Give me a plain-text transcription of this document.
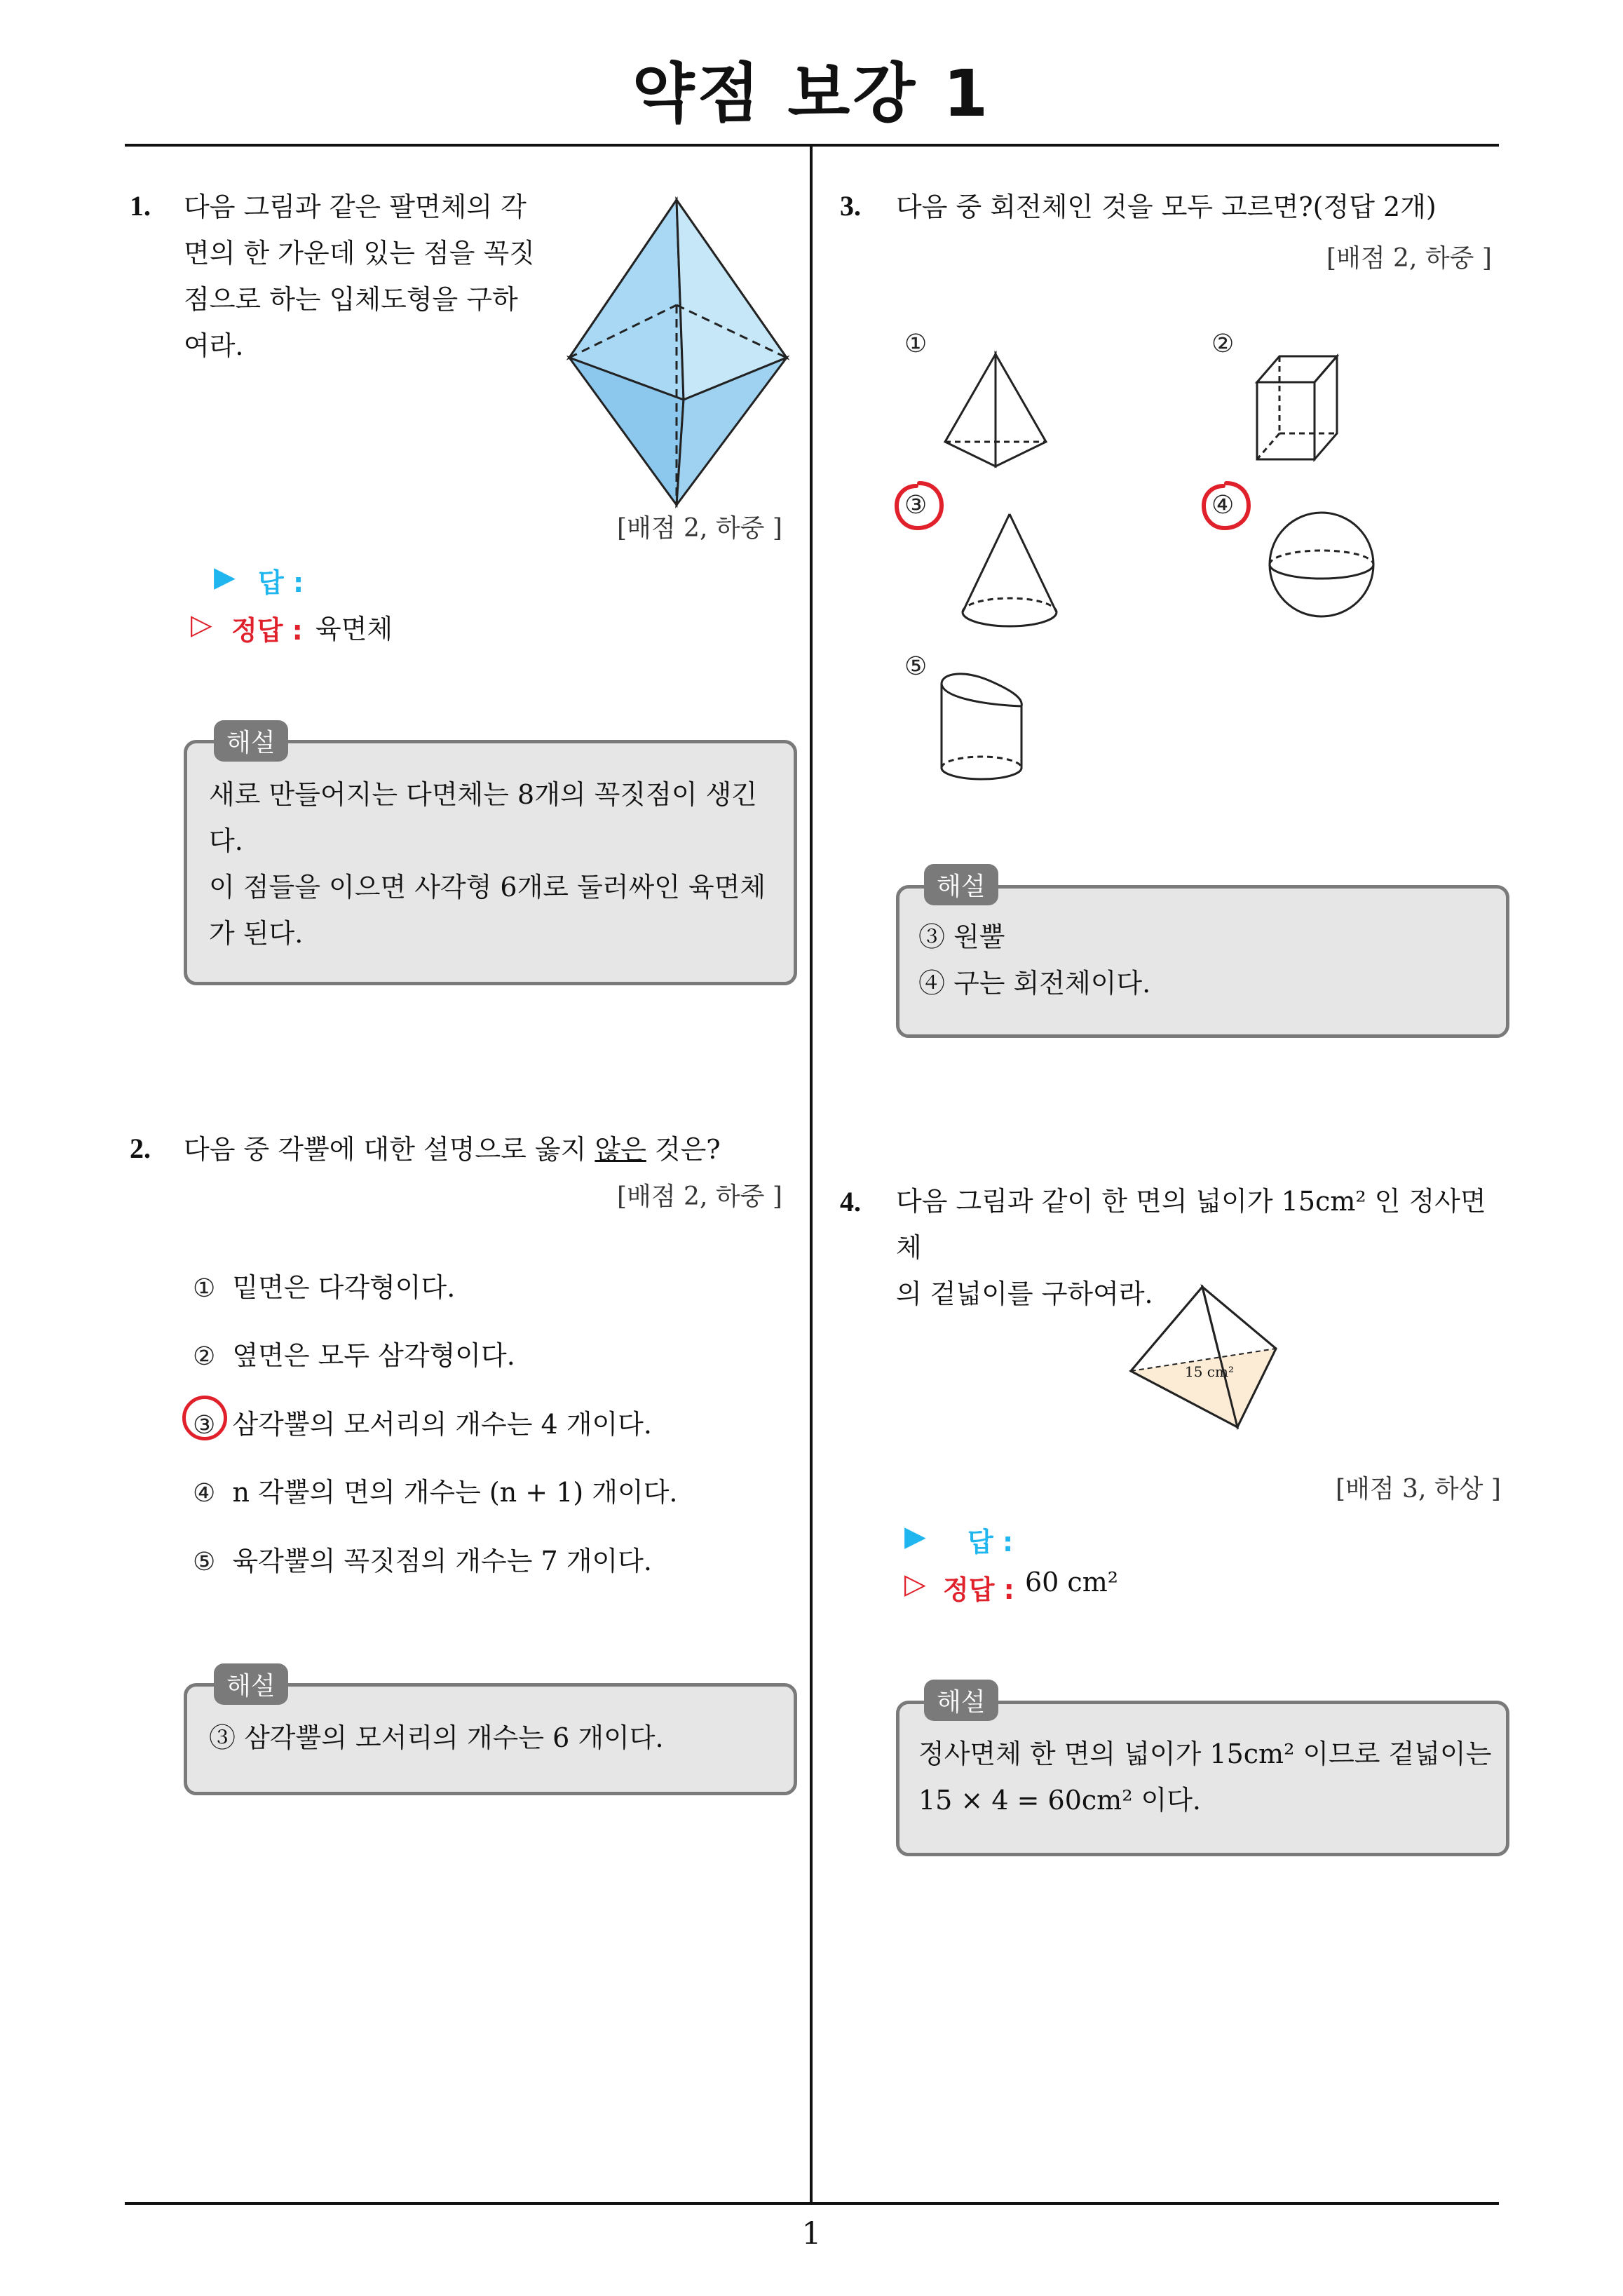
약점 보강 1
1
1. 다음 그림과 같은 팔면체의 각
면의 한 가운데 있는 점을 꼭짓
점으로 하는 입체도형을 구하
여라.
[배점 2, 하중 ]
▶ 답 :
▷ 정답 : 육면체
해설
새로 만들어지는 다면체는 8개의 꼭짓점이 생긴
다.
이 점들을 이으면 사각형 6개로 둘러싸인 육면체
가 된다.
2. 다음 중 각뿔에 대한 설명으로 옳지 않은 것은?
[배점 2, 하중 ]
① 밑면은 다각형이다.
② 옆면은 모두 삼각형이다.
③ 삼각뿔의 모서리의 개수는 4 개이다.
④ n 각뿔의 면의 개수는 (n + 1) 개이다.
⑤ 육각뿔의 꼭짓점의 개수는 7 개이다.
해설
③ 삼각뿔의 모서리의 개수는 6 개이다.
3. 다음 중 회전체인 것을 모두 고르면?(정답 2개)
[배점 2, 하중 ]
①	②
③	④
⑤
해설
③ 원뿔
④ 구는 회전체이다.
4. 다음 그림과 같이 한 면의 넓이가 15cm² 인 정사면체
의 겉넓이를 구하여라.
15 cm²
[배점 3, 하상 ]
▶ 답 :
▷ 정답 : 60 cm²
해설
정사면체 한 면의 넓이가 15cm² 이므로 겉넓이는
15 × 4 = 60cm² 이다.
